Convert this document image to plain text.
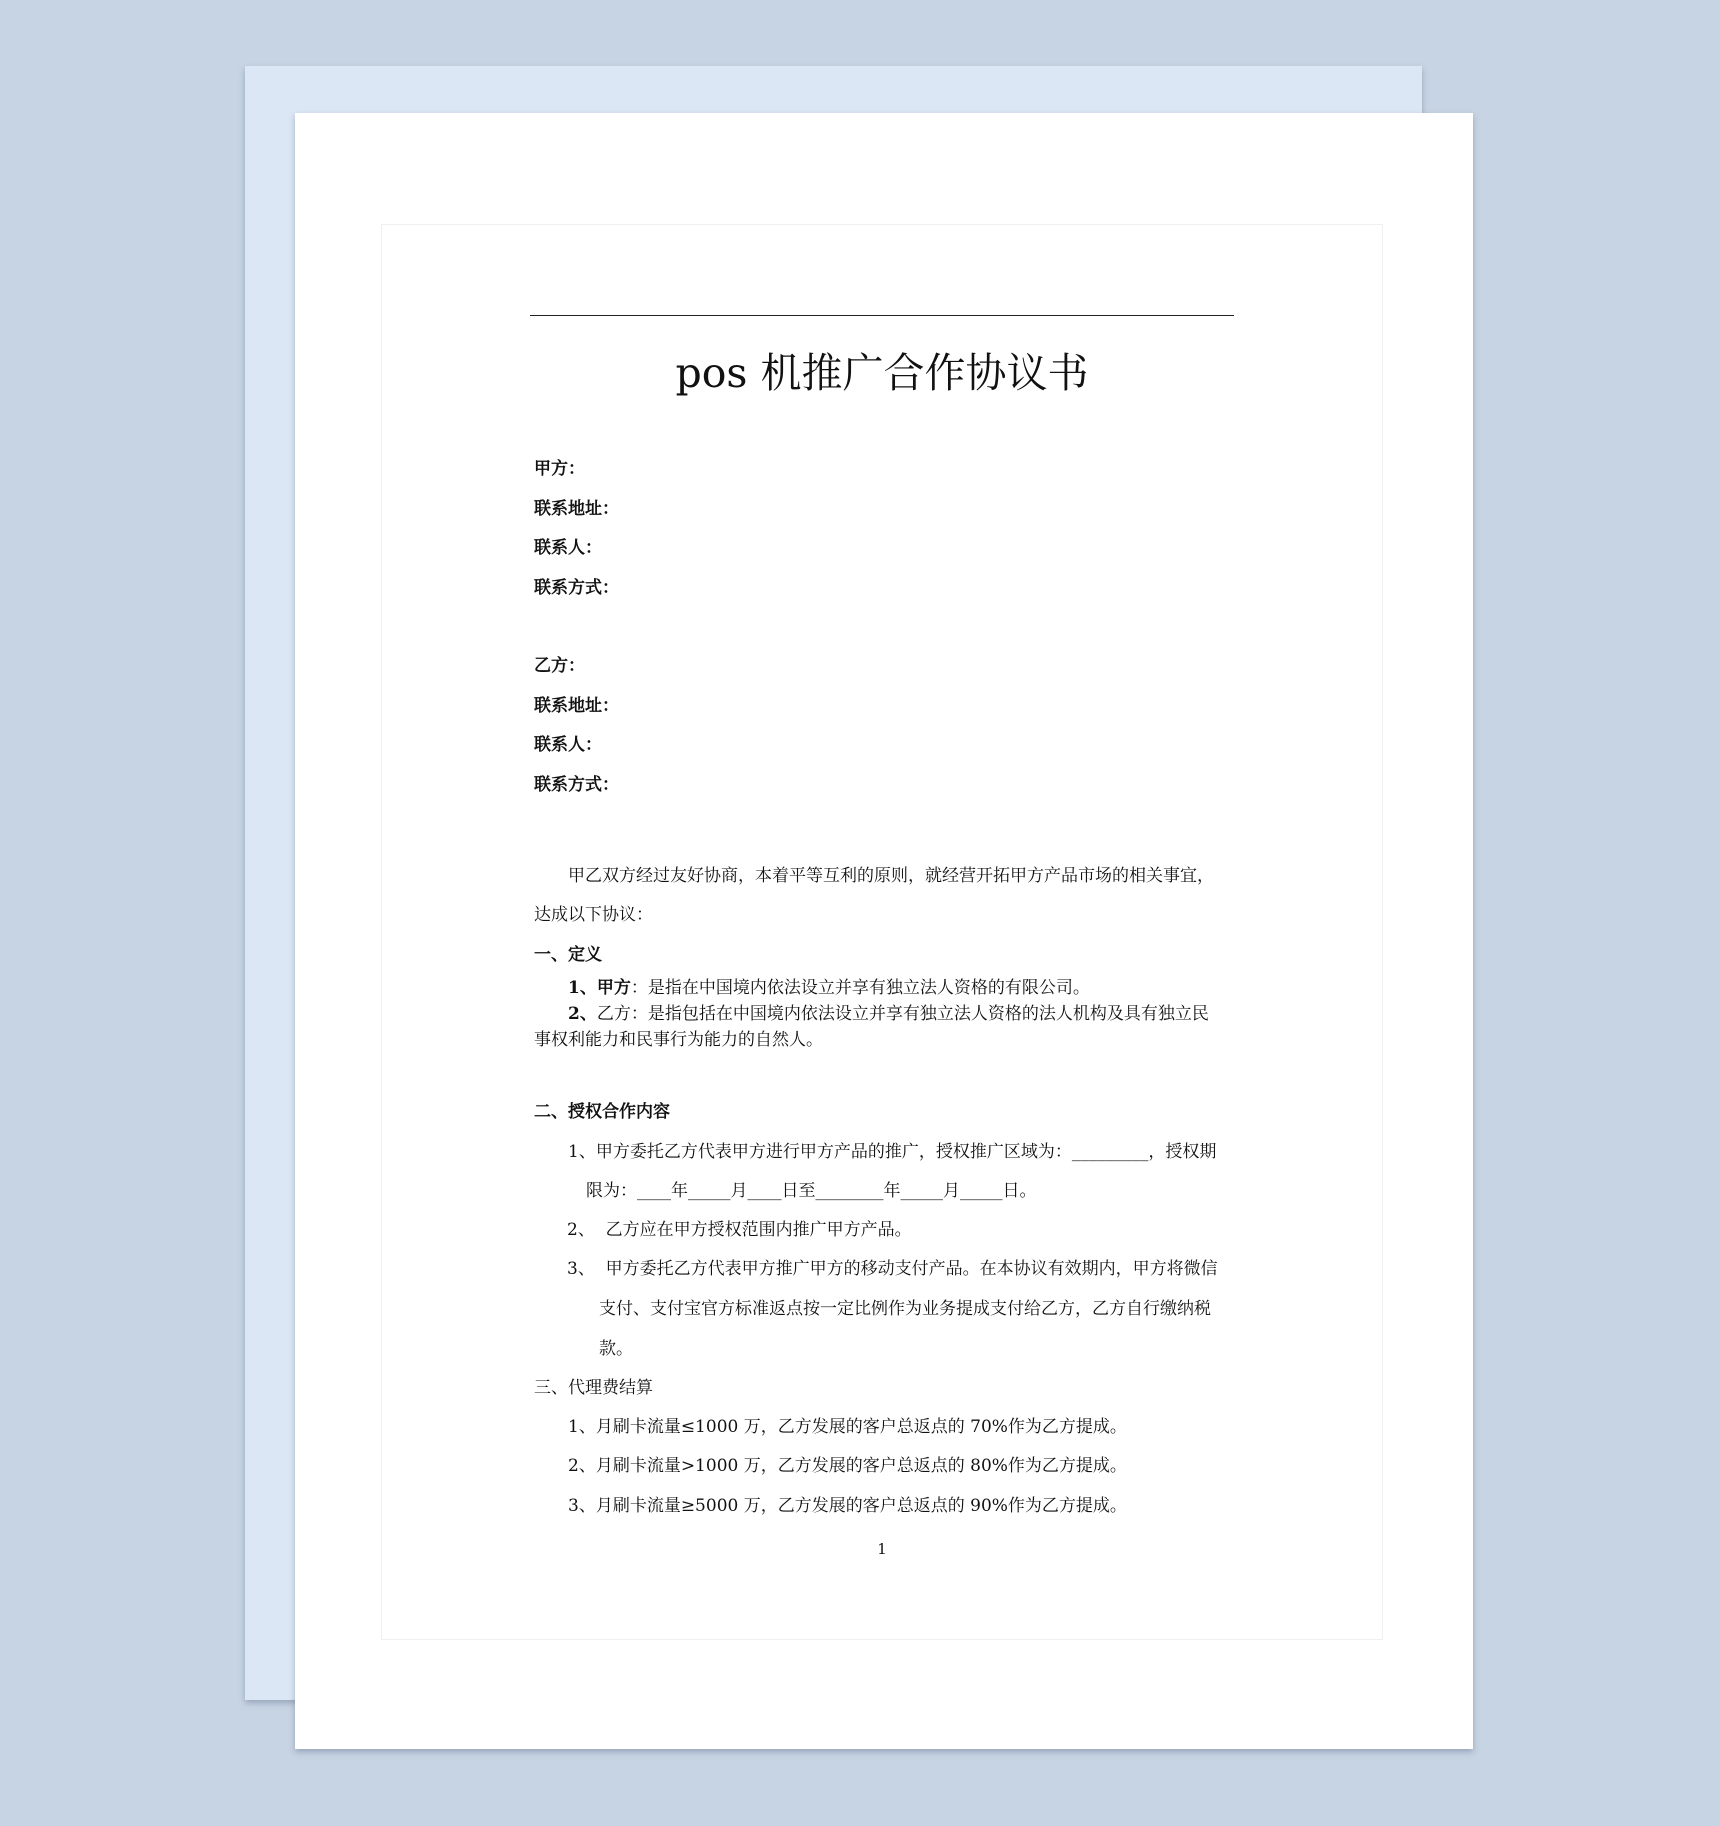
pos 机推广合作协议书
甲方：
联系地址：
联系人：
联系方式：
乙方：
联系地址：
联系人：
联系方式：
甲乙双方经过友好协商，本着平等互利的原则，就经营开拓甲方产品市场的相关事宜，
达成以下协议：
一、定义
1、甲方：是指在中国境内依法设立并享有独立法人资格的有限公司。
2、乙方：是指包括在中国境内依法设立并享有独立法人资格的法人机构及具有独立民
事权利能力和民事行为能力的自然人。
二、授权合作内容
1、甲方委托乙方代表甲方进行甲方产品的推广，授权推广区域为：_________，授权期
限为：____年_____月____日至________年_____月_____日。
2、  乙方应在甲方授权范围内推广甲方产品。
3、  甲方委托乙方代表甲方推广甲方的移动支付产品。在本协议有效期内，甲方将微信
支付、支付宝官方标准返点按一定比例作为业务提成支付给乙方，乙方自行缴纳税
款。
三、代理费结算
1、月刷卡流量≤1000 万，乙方发展的客户总返点的 70%作为乙方提成。
2、月刷卡流量>1000 万，乙方发展的客户总返点的 80%作为乙方提成。
3、月刷卡流量≥5000 万，乙方发展的客户总返点的 90%作为乙方提成。
1
